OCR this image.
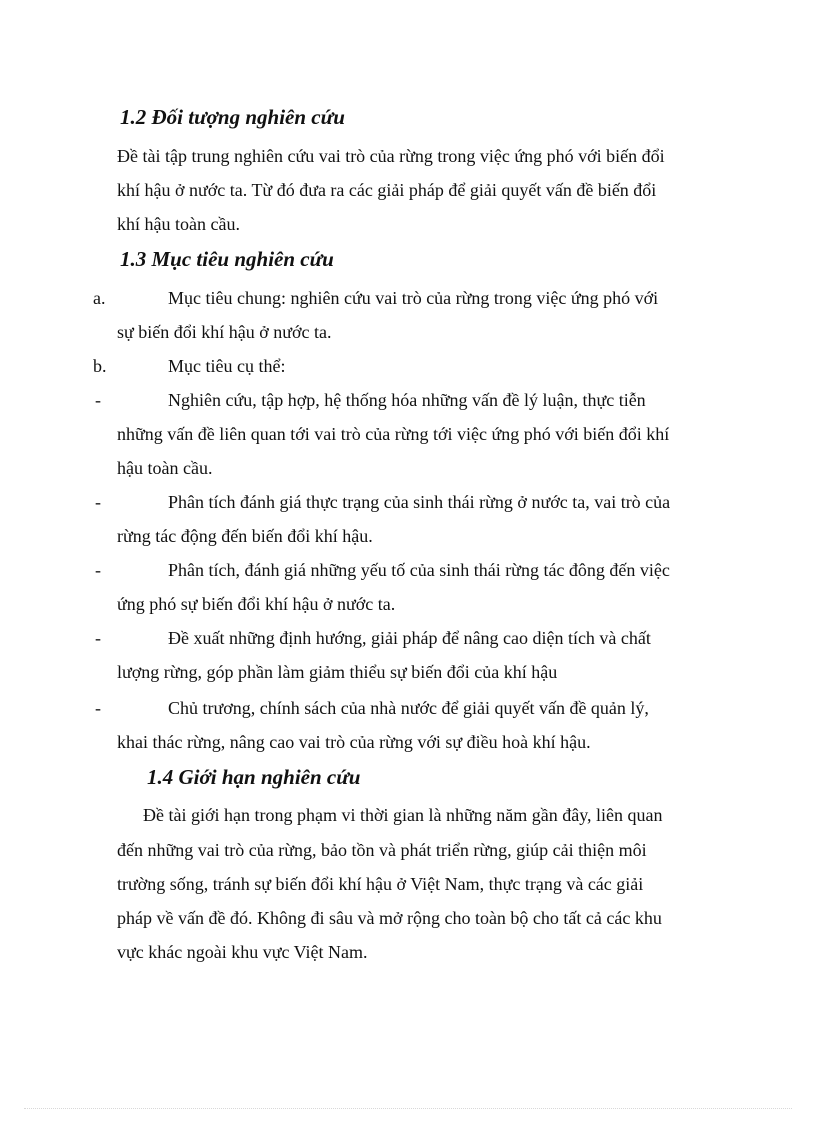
1.2 Đối tượng nghiên cứu
Đề tài tập trung nghiên cứu vai trò của rừng trong việc ứng phó với biến đổi
khí hậu ở nước ta. Từ đó đưa ra các giải pháp để giải quyết vấn đề biến đổi
khí hậu toàn cầu.
1.3 Mục tiêu nghiên cứu
a.	Mục tiêu chung: nghiên cứu vai trò của rừng trong việc ứng phó với
sự biến đổi khí hậu ở nước ta.
b.	Mục tiêu cụ thể:
-	Nghiên cứu, tập hợp, hệ thống hóa những vấn đề lý luận, thực tiễn
những vấn đề liên quan tới vai trò của rừng tới việc ứng phó với biến đổi khí
hậu toàn cầu.
-	Phân tích đánh giá thực trạng của sinh thái rừng ở nước ta, vai trò của
rừng tác động đến biến đổi khí hậu.
-	Phân tích, đánh giá những yếu tố của sinh thái rừng tác đông đến việc
ứng phó sự biến đổi khí hậu ở nước ta.
-	Đề xuất những định hướng, giải pháp để nâng cao diện tích và chất
lượng rừng, góp phần làm giảm thiểu sự biến đổi của khí hậu
-	Chủ trương, chính sách của nhà nước để giải quyết vấn đề quản lý,
khai thác rừng, nâng cao vai trò của rừng với sự điều hoà khí hậu.
1.4 Giới hạn nghiên cứu
Đề tài giới hạn trong phạm vi thời gian là những năm gần đây, liên quan
đến những vai trò của rừng, bảo tồn và phát triển rừng, giúp cải thiện môi
trường sống, tránh sự biến đổi khí hậu ở Việt Nam, thực trạng và các giải
pháp về vấn đề đó. Không đi sâu và mở rộng cho toàn bộ cho tất cả các khu
vực khác ngoài khu vực Việt Nam.
